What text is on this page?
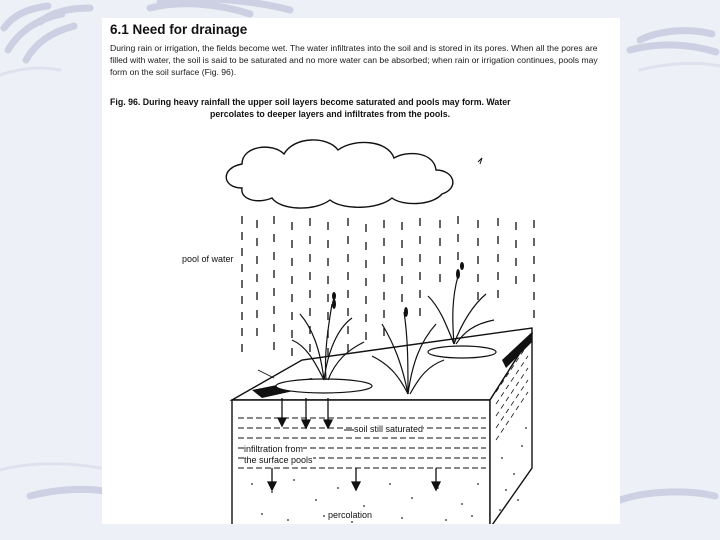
6.1 Need for drainage

During rain or irrigation, the fields become wet. The water infiltrates into the soil and is stored in its pores. When all the pores are filled with water, the soil is said to be saturated and no more water can be absorbed; when rain or irrigation continues, pools may form on the soil surface (Fig. 96).

Fig. 96. During heavy rainfall the upper soil layers become saturated and pools may form. Water
percolates to deeper layers and infiltrates from the pools.
pool of water
soil still saturated
infiltration from
the surface pools
percolation
